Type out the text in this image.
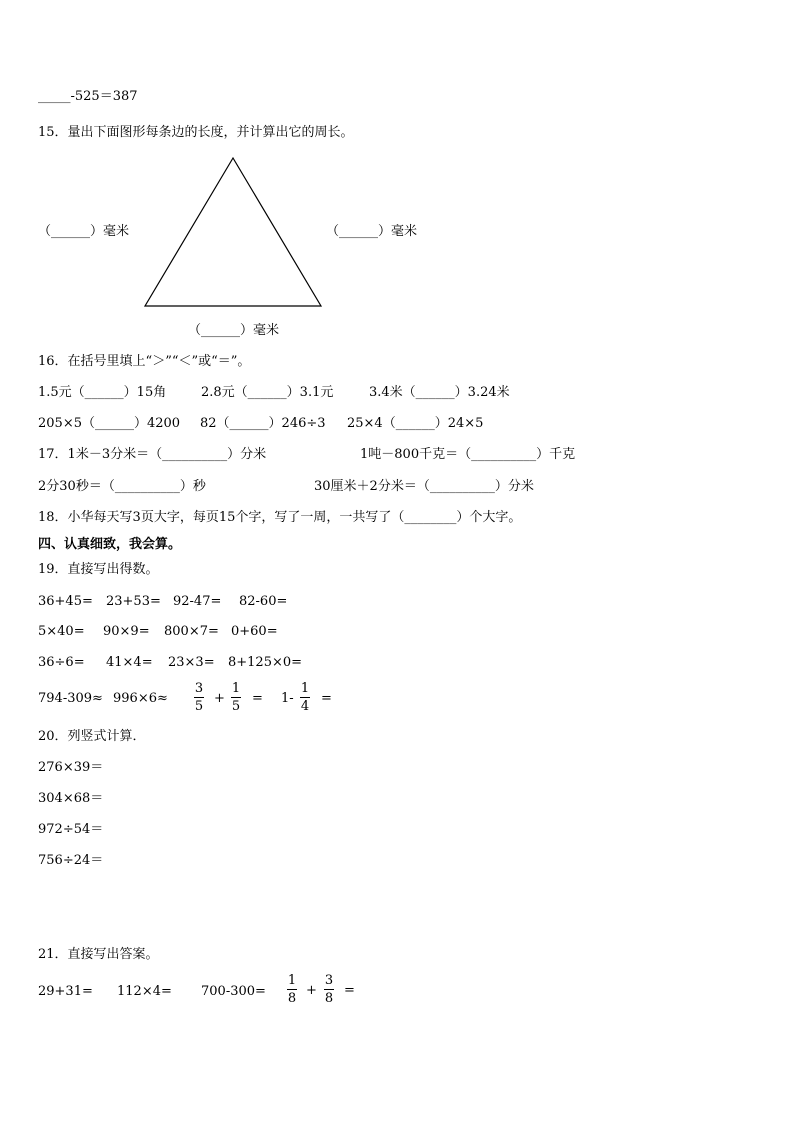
_____-525＝387
15．量出下面图形每条边的长度，并计算出它的周长。
（______）毫米	（______）毫米
（______）毫米
16．在括号里填上“＞”“＜”或“＝”。
1.5元（______）15角	2.8元（______）3.1元	3.4米（______）3.24米
205×5（______）4200 82（______）246÷3 25×4（______）24×5
17．1米－3分米＝（__________）分米	1吨－800千克＝（__________）千克
2分30秒＝（__________）秒	30厘米＋2分米＝（__________）分米
18．小华每天写3页大字，每页15个字，写了一周，一共写了（________）个大字。
四、认真细致，我会算。
19．直接写出得数。
36+45= 23+53= 92-47= 82-60=
5×40= 90×9= 800×7= 0+60=
36÷6= 41×4= 23×3= 8+125×0=
794-309≈ 996×6≈
3
5
+
1
5
= 1-
1
4
=
20．列竖式计算．
276×39＝
304×68＝
972÷54＝
756÷24＝
21．直接写出答案。
29+31= 112×4= 700-300=
1
8
+
3
8
=
